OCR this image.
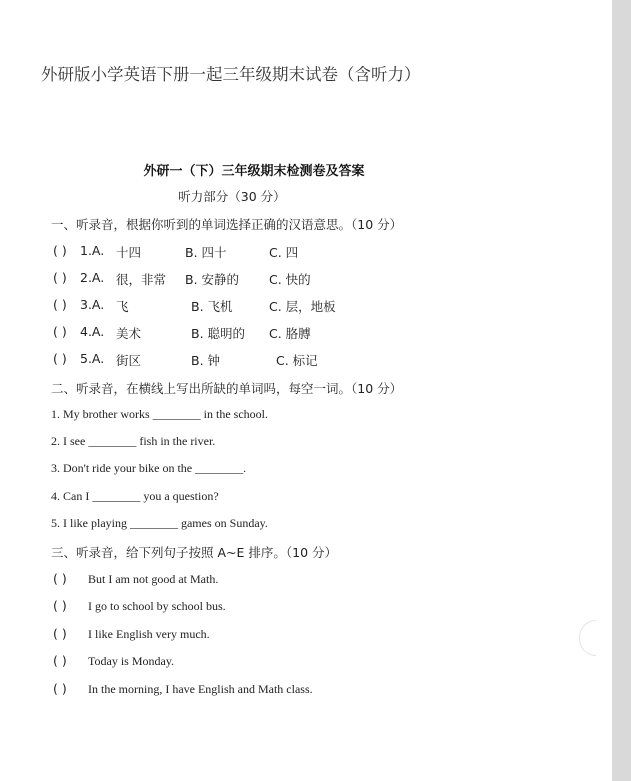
外研版小学英语下册一起三年级期末试卷（含听力）
外研一（下）三年级期末检测卷及答案
听力部分（30 分）
一、听录音，根据你听到的单词选择正确的汉语意思。（10 分）
( ) 1.A. 十四	B. 四十	C. 四
( ) 2.A. 很，非常 B. 安静的 C. 快的
( ) 3.A. 飞	B. 飞机	C. 层，地板
( ) 4.A. 美术	B. 聪明的 C. 胳膊
( ) 5.A. 街区	B. 钟	C. 标记
二、听录音，在横线上写出所缺的单词吗，每空一词。（10 分）
1. My brother works ________ in the school.
2. I see ________ fish in the river.
3. Don't ride your bike on the ________.
4. Can I ________ you a question?
5. I like playing ________ games on Sunday.
三、听录音，给下列句子按照 A~E 排序。（10 分）
( ) But I am not good at Math.
( ) I go to school by school bus.
( ) I like English very much.
( ) Today is Monday.
( ) In the morning, I have English and Math class.
